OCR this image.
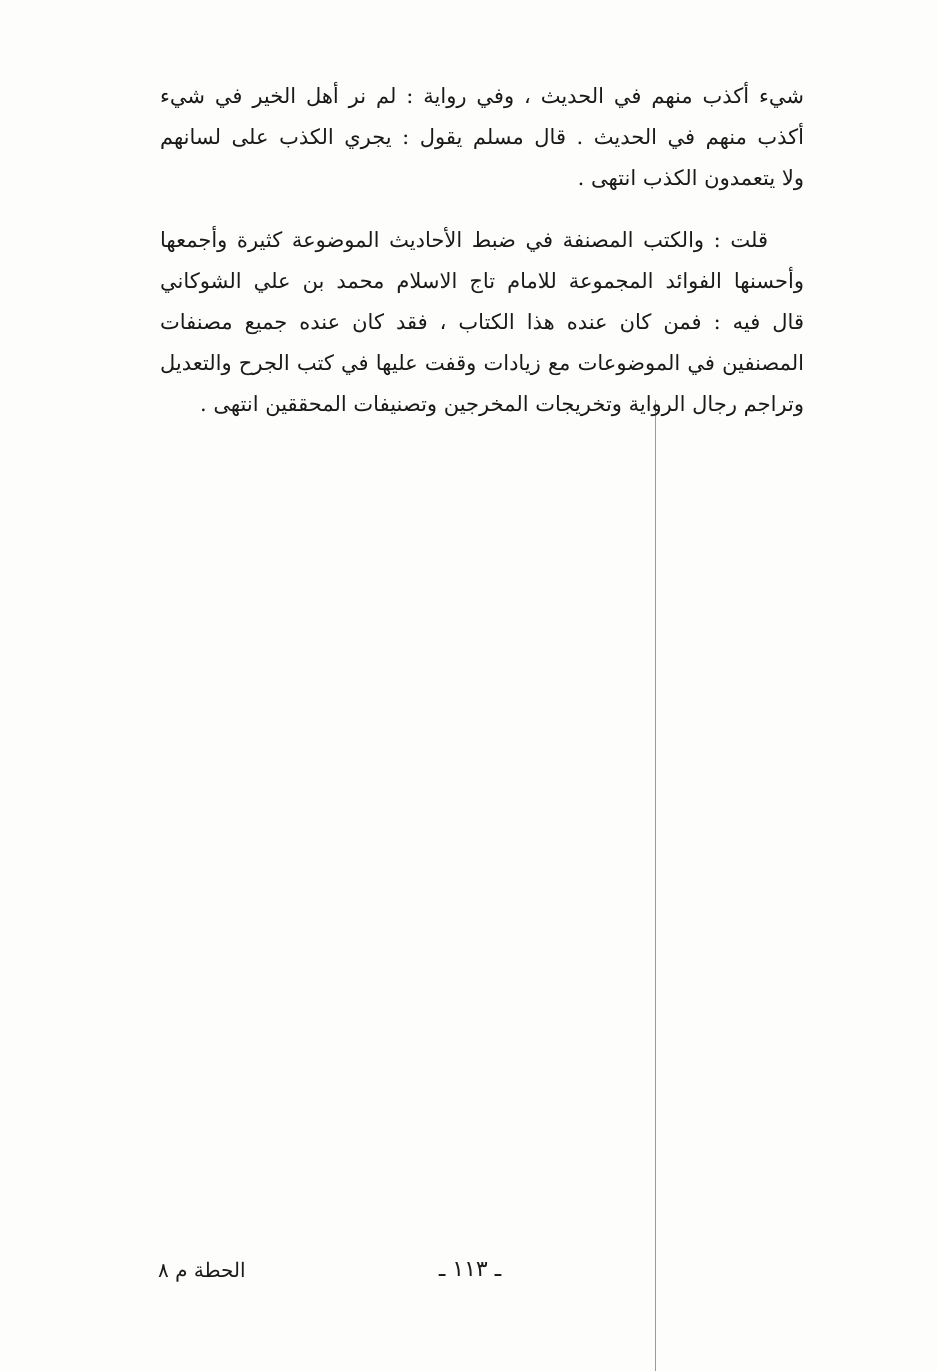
شيء أكذب منهم في الحديث ، وفي رواية : لم نر أهل الخير في شيء
أكذب منهم في الحديث . قال مسلم يقول : يجري الكذب على لسانهم
ولا يتعمدون الكذب انتهى .
قلت : والكتب المصنفة في ضبط الأحاديث الموضوعة كثيرة وأجمعها
وأحسنها الفوائد المجموعة للامام تاج الاسلام محمد بن علي الشوكاني
قال فيه : فمن كان عنده هذا الكتاب ، فقد كان عنده جميع مصنفات
المصنفين في الموضوعات مع زيادات وقفت عليها في كتب الجرح والتعديل
وتراجم رجال الرواية وتخريجات المخرجين وتصنيفات المحققين انتهى .
ـ ١١٣ ـ
الحطة م ٨
